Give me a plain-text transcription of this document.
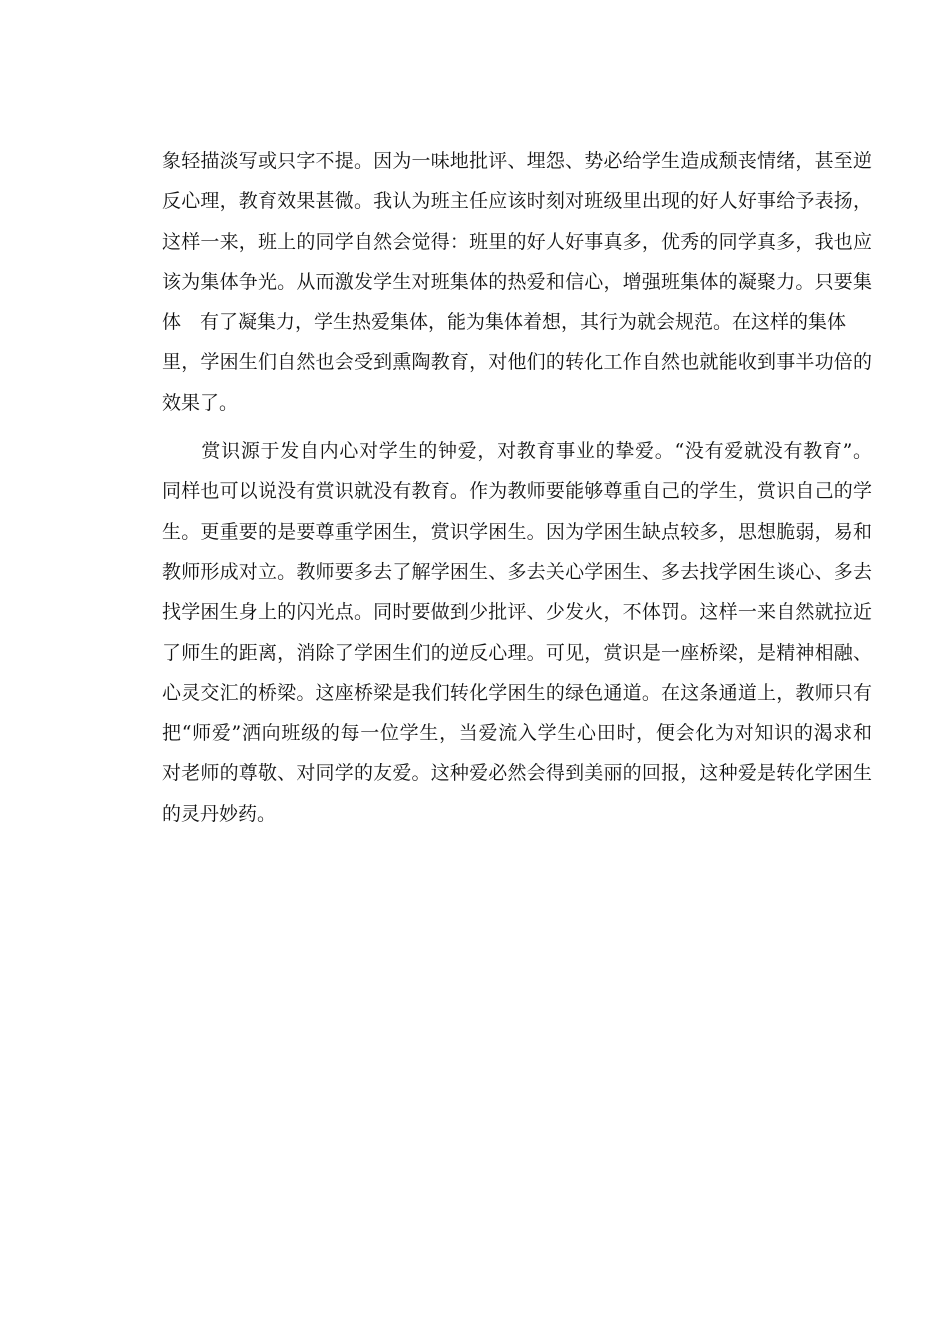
象轻描淡写或只字不提。因为一味地批评、埋怨、势必给学生造成颓丧情绪，甚至逆
反心理，教育效果甚微。我认为班主任应该时刻对班级里出现的好人好事给予表扬，
这样一来，班上的同学自然会觉得：班里的好人好事真多，优秀的同学真多，我也应
该为集体争光。从而激发学生对班集体的热爱和信心，增强班集体的凝聚力。只要集
体　有了凝集力，学生热爱集体，能为集体着想，其行为就会规范。在这样的集体
里，学困生们自然也会受到熏陶教育，对他们的转化工作自然也就能收到事半功倍的
效果了。
　　赏识源于发自内心对学生的钟爱，对教育事业的挚爱。“没有爱就没有教育”。
同样也可以说没有赏识就没有教育。作为教师要能够尊重自己的学生，赏识自己的学
生。更重要的是要尊重学困生，赏识学困生。因为学困生缺点较多，思想脆弱，易和
教师形成对立。教师要多去了解学困生、多去关心学困生、多去找学困生谈心、多去
找学困生身上的闪光点。同时要做到少批评、少发火，不体罚。这样一来自然就拉近
了师生的距离，消除了学困生们的逆反心理。可见，赏识是一座桥梁，是精神相融、
心灵交汇的桥梁。这座桥梁是我们转化学困生的绿色通道。在这条通道上，教师只有
把“师爱”洒向班级的每一位学生，当爱流入学生心田时，便会化为对知识的渴求和
对老师的尊敬、对同学的友爱。这种爱必然会得到美丽的回报，这种爱是转化学困生
的灵丹妙药。
